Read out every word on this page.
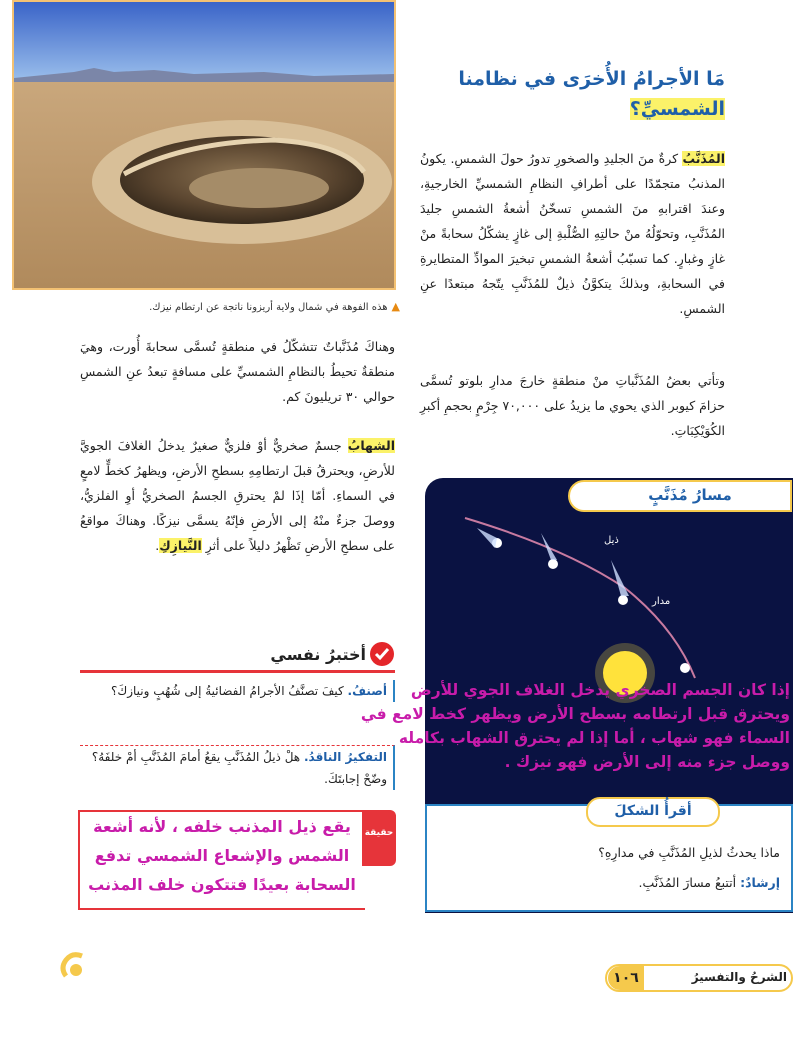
▲هذه الفوهة في شمال ولاية أريزونا ناتجة عن ارتطام نيزك.
مَا الأجرامُ الأُخرَى في نظامنا
الشمسيِّ؟
المُذَنَّبُ كرةٌ منَ الجليدِ والصخورِ تدورُ حولَ الشمسِ. يكونُ المذنبُ متجمّدًا على أطرافِ النظامِ الشمسيِّ الخارجيةِ، وعندَ اقترابهِ منَ الشمسِ تسخّنُ أشعةُ الشمسِ جليدَ المُذَنَّبِ، وتحوّلُهُ منْ حالتِهِ الصُّلْبةِ إلى غازٍ يشكّلُ سحابةً منْ غازٍ وغبارٍ. كما تسبّبُ أشعةُ الشمسِ تبخيرَ الموادِّ المتطايرةِ في السحابةِ، وبذلكَ يتكوَّنُ ذيلٌ للمُذَنَّبِ يتّجهُ مبتعدًا عنِ الشمسِ.
وتأتي بعضُ المُذَنَّباتِ منْ منطقةٍ خارجَ مدارِ بلوتو تُسمَّى حزامَ كيوبر الذي يحوي ما يزيدُ على ٧٠,٠٠٠ جِرْمٍ بحجمِ أكبرِ الكُوَيْكِبَاتِ.
وهناكَ مُذَنَّباتٌ تتشكّلُ في منطقةٍ تُسمَّى سحابةَ أُورت، وهيَ منطقةٌ تحيطُ بالنظامِ الشمسيِّ على مسافةٍ تبعدُ عنِ الشمسِ حوالي ٣٠ تريليونَ كم.
الشهابُ جسمٌ صخريٌّ أوْ فلزيٌّ صغيرٌ يدخلُ الغلافَ الجويَّ للأرضِ، ويحترقُ قبلَ ارتطامِهِ بسطحِ الأرضِ، ويظهرُ كخطٍّ لامعٍ في السماءِ. أمّا إذَا لمْ يحترقِ الجسمُ الصخريُّ أوِ الفلزيُّ، ووصلَ جزءٌ منْهُ إلى الأرضِ فإنّهُ يسمَّى نيزكًا. وهناكَ مواقعُ على سطحِ الأرضِ تَظْهرُ دليلاً على أثرِ النَّيازِكِ.
مسارُ مُذَنَّبٍ
ذيل
مدار
أقرأُ الشكلَ
ماذا يحدثُ لذيلِ المُذَنَّبِ في مدارِهِ؟
إرشادٌ: أتتبعُ مسارَ المُذَنَّبِ.
إذا كان الجسم الصخري يدخل الغلاف الجوي للأرض ويحترق قبل ارتطامه بسطح الأرض ويظهر كخط لامع في السماء فهو شهاب ، أما إذا لم يحترق الشهاب بكامله ووصل جزء منه إلى الأرض فهو نيزك .
أختبرُ نفسي
أصنفُ. كيفَ تصنَّفُ الأجرامُ الفضائيةُ إلى شُهُبٍ ونيازكَ؟
التفكيرُ الناقدُ. هلْ ذيلُ المُذَنَّبِ يقعُ أمامَ المُذَنَّبِ أمْ خلفَهُ؟ وضّحْ إجابتَكَ.
حقيقة
يقع ذيل المذنب خلفه ، لأنه أشعة الشمس والإشعاع الشمسي تدفع السحابة بعيدًا فتتكون خلف المذنب
الشرحُ والتفسيرُ
١٠٦
